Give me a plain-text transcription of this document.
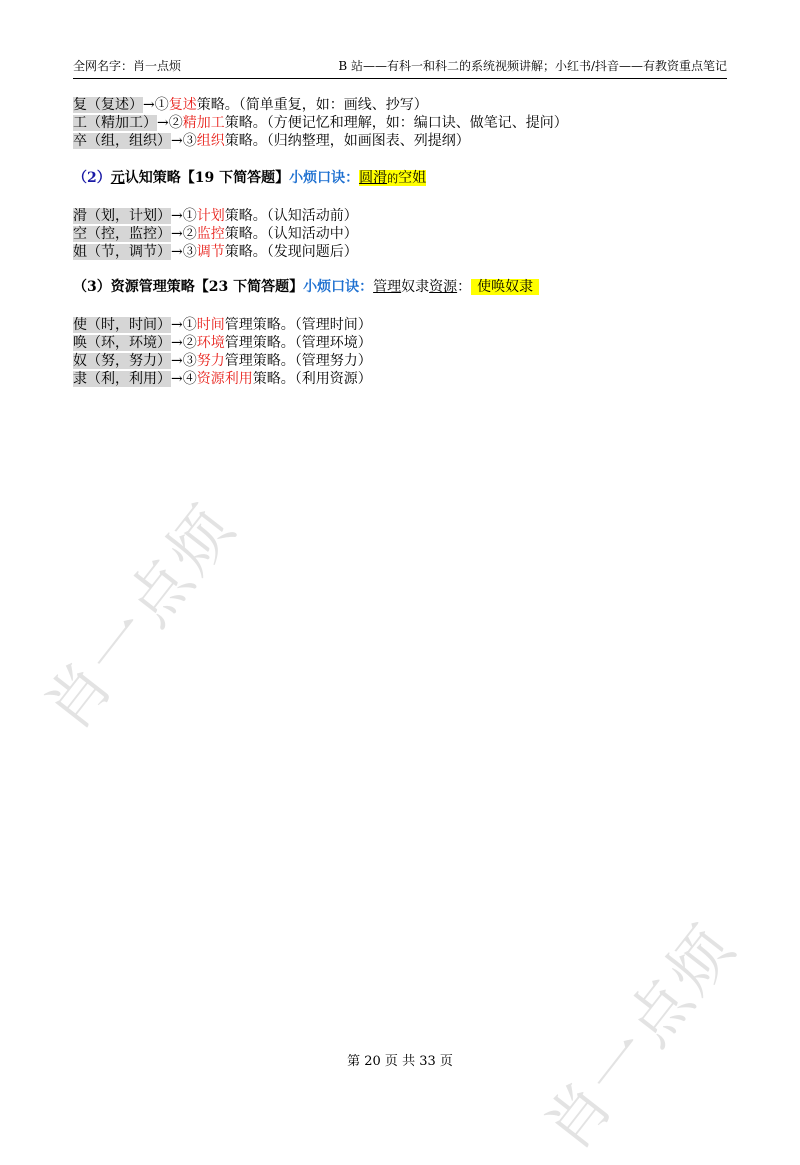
全网名字：肖一点烦	B 站——有科一和科二的系统视频讲解；小红书/抖音——有教资重点笔记
复（复述）→①复述策略。（简单重复，如：画线、抄写）
工（精加工）→②精加工策略。（方便记忆和理解，如：编口诀、做笔记、提问）
卒（组，组织）→③组织策略。（归纳整理，如画图表、列提纲）
（2）元认知策略【19 下简答题】小烦口诀：圆滑的空姐
滑（划，计划）→①计划策略。（认知活动前）
空（控，监控）→②监控策略。（认知活动中）
姐（节，调节）→③调节策略。（发现问题后）
（3）资源管理策略【23 下简答题】小烦口诀：管理奴隶资源： 使唤奴隶
使（时，时间）→①时间管理策略。（管理时间）
唤（环，环境）→②环境管理策略。（管理环境）
奴（努，努力）→③努力管理策略。（管理努力）
隶（利，利用）→④资源利用策略。（利用资源）
肖一点烦
肖一点烦
第 20 页 共 33 页
